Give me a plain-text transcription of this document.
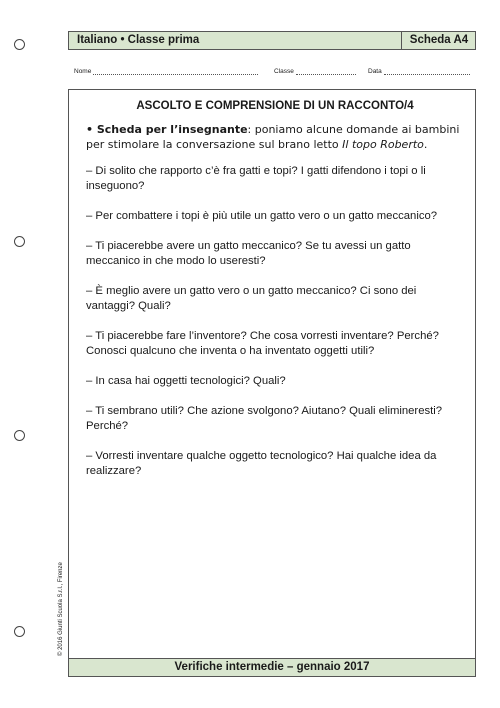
Italiano • Classe prima	Scheda A4
Nome	Classe	Data
ASCOLTO E COMPRENSIONE DI UN RACCONTO/4
• Scheda per l’insegnante: poniamo alcune domande ai bambini per stimolare la conversazione sul brano letto Il topo Roberto.

– Di solito che rapporto c’è fra gatti e topi? I gatti difendono i topi o li inseguono?

– Per combattere i topi è più utile un gatto vero o un gatto meccanico?

– Ti piacerebbe avere un gatto meccanico? Se tu avessi un gatto meccanico in che modo lo useresti?

– È meglio avere un gatto vero o un gatto meccanico? Ci sono dei vantaggi? Quali?

– Ti piacerebbe fare l’inventore? Che cosa vorresti inventare? Perché?

Conosci qualcuno che inventa o ha inventato oggetti utili?

– In casa hai oggetti tecnologici? Quali?

– Ti sembrano utili? Che azione svolgono? Aiutano? Quali elimineresti? Perché?

– Vorresti inventare qualche oggetto tecnologico? Hai qualche idea da realizzare?

© 2016 Giunti Scuola S.r.l., Firenze
Verifiche intermedie – gennaio 2017
